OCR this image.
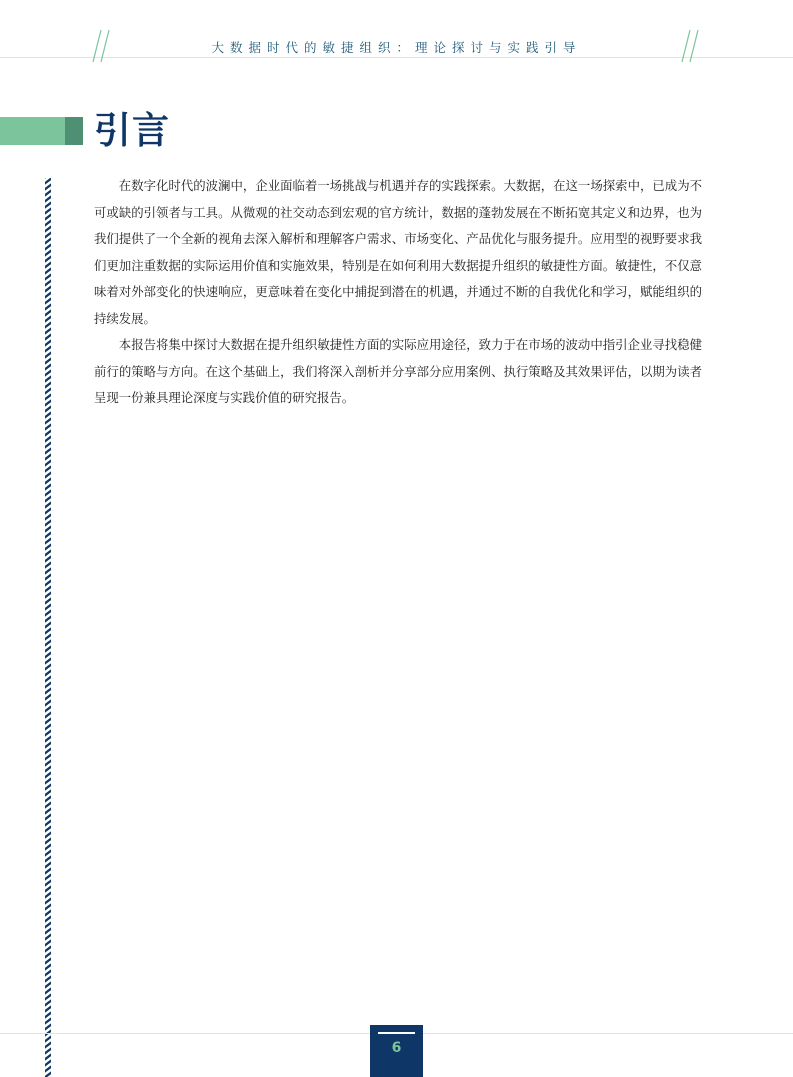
大数据时代的敏捷组织：理论探讨与实践引导
引言

在数字化时代的波澜中，企业面临着一场挑战与机遇并存的实践探索。大数据，在这一场探索中，已成为不可或缺的引领者与工具。从微观的社交动态到宏观的官方统计，数据的蓬勃发展在不断拓宽其定义和边界，也为我们提供了一个全新的视角去深入解析和理解客户需求、市场变化、产品优化与服务提升。应用型的视野要求我们更加注重数据的实际运用价值和实施效果，特别是在如何利用大数据提升组织的敏捷性方面。敏捷性，不仅意味着对外部变化的快速响应，更意味着在变化中捕捉到潜在的机遇，并通过不断的自我优化和学习，赋能组织的持续发展。

本报告将集中探讨大数据在提升组织敏捷性方面的实际应用途径，致力于在市场的波动中指引企业寻找稳健前行的策略与方向。在这个基础上，我们将深入剖析并分享部分应用案例、执行策略及其效果评估，以期为读者呈现一份兼具理论深度与实践价值的研究报告。

6
